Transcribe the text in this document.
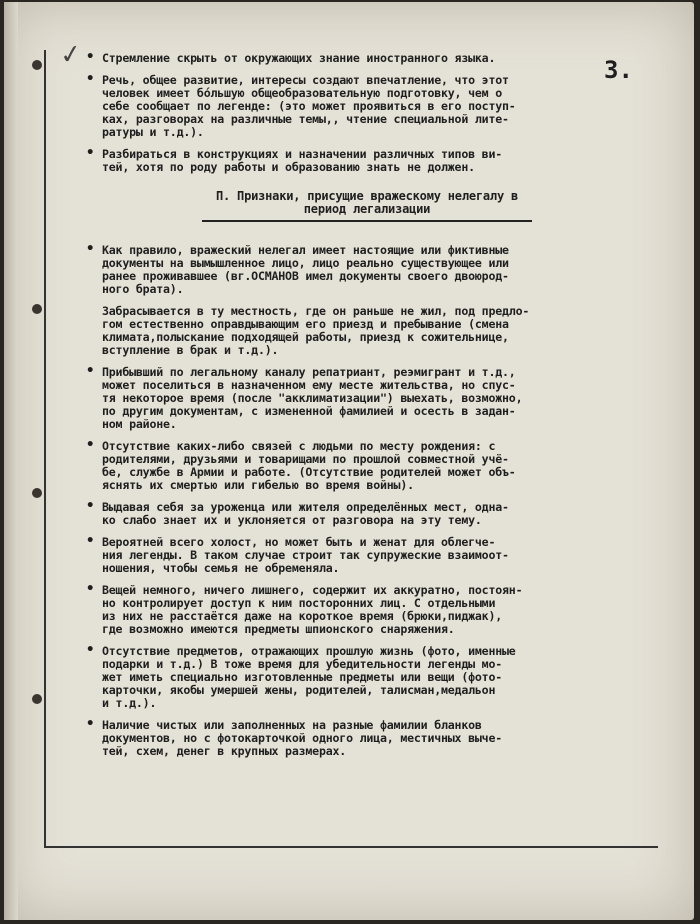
✓	3.
• Стремление скрыть от окружающих знание иностранного языка.
• Речь, общее развитие, интересы создают впечатление, что этот
человек имеет бóльшую общеобразовательную подготовку, чем о
себе сообщает по легенде: (это может проявиться в его поступ-
ках, разговорах на различные темы,, чтение специальной лите-
ратуры и т.д.).
• Разбираться в конструкциях и назначении различных типов ви-
тей, хотя по роду работы и образованию знать не должен.
П. Признаки, присущие вражескому нелегалу в
период легализации
• Как правило, вражеский нелегал имеет настоящие или фиктивные
документы на вымышленное лицо, лицо реально существующее или
ранее проживавшее (вг.ОСМАНОВ имел документы своего двоюрод-
ного брата).
Забрасывается в ту местность, где он раньше не жил, под предло-
гом естественно оправдывающим его приезд и пребывание (смена
климата,полыскание подходящей работы, приезд к сожительнице,
вступление в брак и т.д.).
• Прибывший по легальному каналу репатриант, реэмигрант и т.д.,
может поселиться в назначенном ему месте жительства, но спус-
тя некоторое время (после "акклиматизации") выехать, возможно,
по другим документам, с измененной фамилией и осесть в задан-
ном районе.
• Отсутствие каких-либо связей с людьми по месту рождения: с
родителями, друзьями и товарищами по прошлой совместной учё-
бе, службе в Армии и работе. (Отсутствие родителей может объ-
яснять их смертью или гибелью во время войны).
• Выдавая себя за уроженца или жителя определённых мест, одна-
ко слабо знает их и уклоняется от разговора на эту тему.
• Вероятней всего холост, но может быть и женат для облегче-
ния легенды. В таком случае строит так супружеские взаимоот-
ношения, чтобы семья не обременяла.
• Вещей немного, ничего лишнего, содержит их аккуратно, постоян-
но контролирует доступ к ним посторонних лиц. С отдельными
из них не расстаётся даже на короткое время (брюки,пиджак),
где возможно имеются предметы шпионского снаряжения.
• Отсутствие предметов, отражающих прошлую жизнь (фото, именные
подарки и т.д.) В тоже время для убедительности легенды мо-
жет иметь специально изготовленные предметы или вещи (фото-
карточки, якобы умершей жены, родителей, талисман,медальон
и т.д.).
• Наличие чистых или заполненных на разные фамилии бланков
документов, но с фотокарточкой одного лица, местичных выче-
тей, схем, денег в крупных размерах.
